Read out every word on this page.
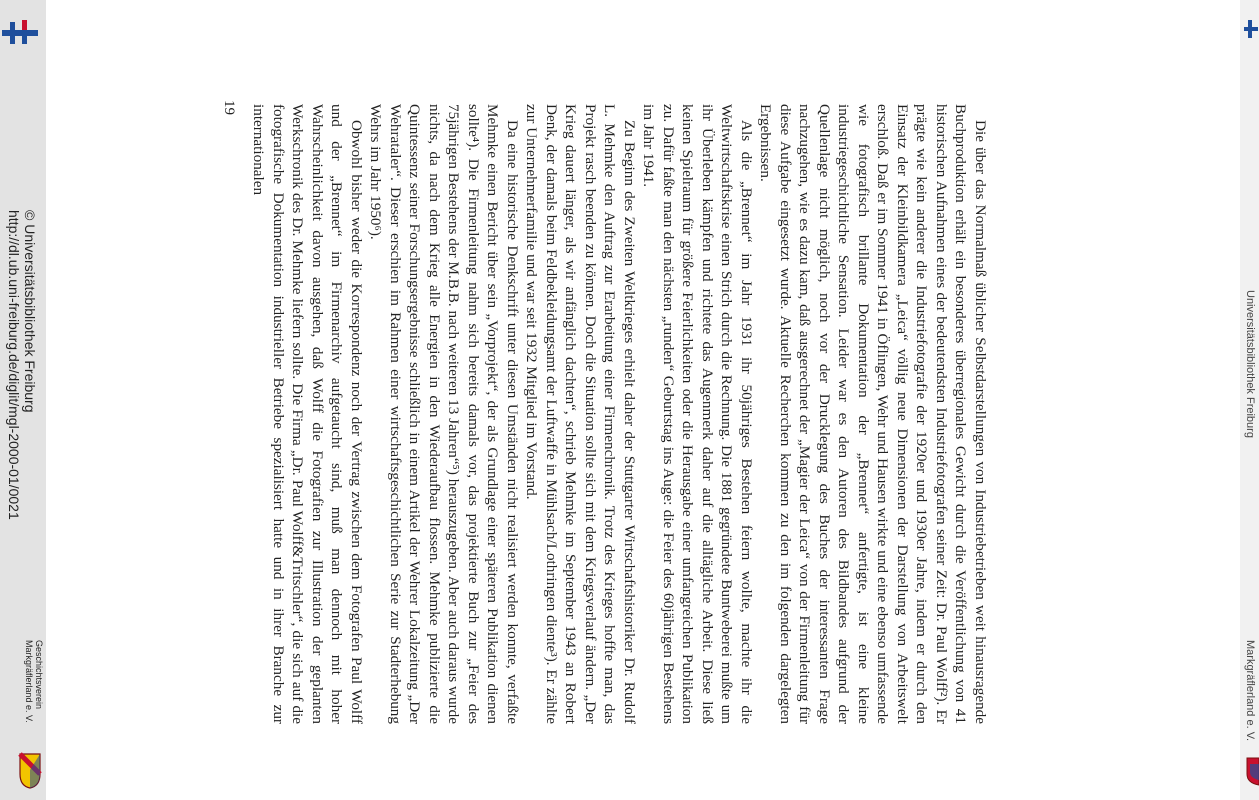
http://dl.ub.uni-freiburg.de/diglit/mgl-2000-01/0021 © Universitätsbibliothek Freiburg
Geschichtsverein
Markgräflerland e. V.
Universitätsbibliothek Freiburg
Markgräflerland e. V.

Die über das Normalmaß üblicher Selbstdarstellungen von Industriebetrieben weit hinausragende Buchproduktion erhält ein besonderes überregionales Gewicht durch die Veröffentlichung von 41 historischen Aufnahmen eines der bedeutendsten Industriefotografen seiner Zeit: Dr. Paul Wolff²). Er prägte wie kein anderer die Industriefotografie der 1920er und 1930er Jahre, indem er durch den Einsatz der Kleinbildkamera „Leica“ völlig neue Dimensionen der Darstellung von Arbeitswelt erschloß. Daß er im Sommer 1941 in Öflingen, Wehr und Hausen wirkte und eine ebenso umfassende wie fotografisch brillante Dokumentation der „Brennet“ anfertigte, ist eine kleine industriegeschichtliche Sensation. Leider war es den Autoren des Bildbandes aufgrund der Quellenlage nicht möglich, noch vor der Drucklegung des Buches der interessanten Frage nachzugehen, wie es dazu kam, daß ausgerechnet der „Magier der Leica“ von der Firmenleitung für diese Aufgabe eingesetzt wurde. Aktuelle Recherchen kommen zu den im folgenden dargelegten Ergebnissen.

Als die „Brennet“ im Jahr 1931 ihr 50jähriges Bestehen feiern wollte, machte ihr die Weltwirtschaftskrise einen Strich durch die Rechnung. Die 1881 gegründete Buntweberei mußte um ihr Überleben kämpfen und richtete das Augenmerk daher auf die alltägliche Arbeit. Diese ließ keinen Spielraum für größere Feierlichkeiten oder die Herausgabe einer umfangreichen Publikation zu. Dafür faßte man den nächsten „runden“ Geburtstag ins Auge: die Feier des 60jährigen Bestehens im Jahr 1941.

Zu Beginn des Zweiten Weltkrieges erhielt daher der Stuttgarter Wirtschaftshistoriker Dr. Rudolf L. Mehmke den Auftrag zur Erarbeitung einer Firmenchronik. Trotz des Krieges hoffte man, das Projekt rasch beenden zu können. Doch die Situation sollte sich mit dem Kriegsverlauf ändern. „Der Krieg dauert länger, als wir anfänglich dachten“, schrieb Mehmke im September 1943 an Robert Denk, der damals beim Feldbekleidungsamt der Luftwaffe in Mühlsach/Lothringen diente³). Er zählte zur Unternehmerfamilie und war seit 1932 Mitglied im Vorstand.

Da eine historische Denkschrift unter diesen Umständen nicht realisiert werden konnte, verfaßte Mehmke einen Bericht über sein „Vorprojekt“, der als Grundlage einer späteren Publikation dienen sollte⁴). Die Firmenleitung nahm sich bereits damals vor, das projektierte Buch zur „Feier des 75jährigen Bestehens der M.B.B. nach weiteren 13 Jahren“⁵) herauszugeben. Aber auch daraus wurde nichts, da nach dem Krieg alle Energien in den Wiederaufbau flossen. Mehmke publizierte die Quintessenz seiner Forschungsergebnisse schließlich in einem Artikel der Wehrer Lokalzeitung „Der Wehrataler“. Dieser erschien im Rahmen einer wirtschaftsgeschichtlichen Serie zur Stadterhebung Wehrs im Jahr 1950⁶).

Obwohl bisher weder die Korrespondenz noch der Vertrag zwischen dem Fotografen Paul Wolff und der „Brennet“ im Firmenarchiv aufgetaucht sind, muß man dennoch mit hoher Wahrscheinlichkeit davon ausgehen, daß Wolff die Fotografien zur Illustration der geplanten Werkschronik des Dr. Mehmke liefern sollte. Die Firma „Dr. Paul Wolff&Tritschler“, die sich auf die fotografische Dokumentation industrieller Betriebe spezialisiert hatte und in ihrer Branche zur internationalen

19
